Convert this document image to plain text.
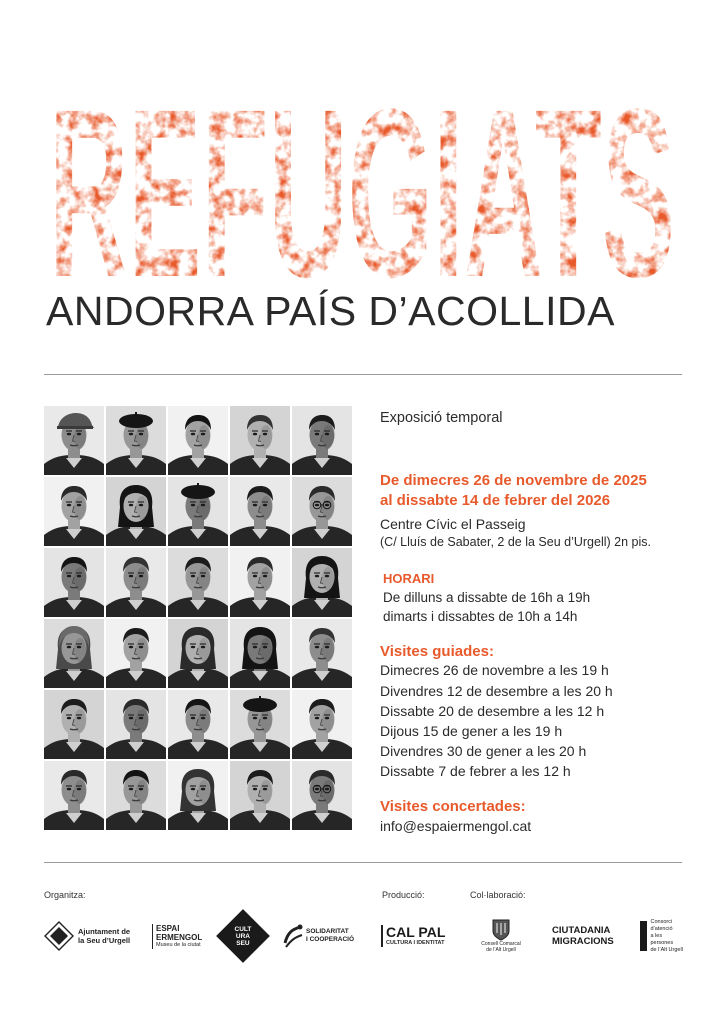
REFUGIATS
ANDORRA PAÍS D’ACOLLIDA
Exposició temporal
De dimecres 26 de novembre de 2025
al dissabte 14 de febrer del 2026
Centre Cívic el Passeig
(C/ Lluís de Sabater, 2 de la Seu d’Urgell) 2n pis.
HORARI
De dilluns a dissabte de 16h a 19h
dimarts i dissabtes de 10h a 14h
Visites guiades:
Dimecres 26 de novembre a les 19 h
Divendres 12 de desembre a les 20 h
Dissabte 20 de desembre a les 12 h
Dijous 15 de gener a les 19 h
Divendres 30 de gener a les 20 h
Dissabte 7 de febrer a les 12 h
Visites concertades:
info@espaiermengol.cat
Organitza:	Producció:	Col·laboració:
Ajuntament de
la Seu d’Urgell
ESPAI
ERMENGOL
Museu de la ciutat
CULT
URA
SEU
SOLIDARITAT
I COOPERACIÓ CAL PAL
CULTURA I IDENTITAT	Consell Comarcal
de l’Alt Urgell
CIUTADANIA
MIGRACIONS
Consorci
d’atenció
a les persones
de l’Alt Urgell
